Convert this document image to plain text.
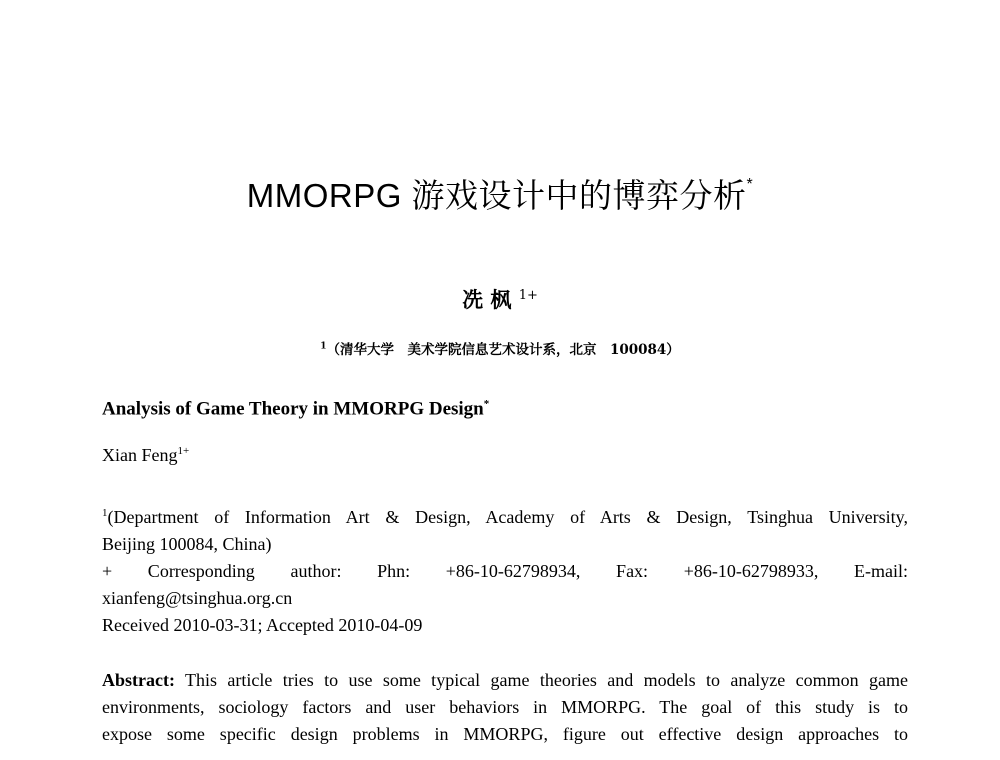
MMORPG 游戏设计中的博弈分析*
冼 枫 $^{1+}$
$^1$（清华大学　美术学院信息艺术设计系，北京　100084）
Analysis of Game Theory in MMORPG Design*
Xian Feng$^{1+}$
$^1$(Department of Information Art & Design, Academy of Arts & Design, Tsinghua University,
Beijing 100084, China)
+ Corresponding author: Phn: +86-10-62798934, Fax: +86-10-62798933, E-mail:
xianfeng@tsinghua.org.cn
Received 2010-03-31; Accepted 2010-04-09
Abstract: This article tries to use some typical game theories and models to analyze common game
environments, sociology factors and user behaviors in MMORPG. The goal of this study is to
expose some specific design problems in MMORPG, figure out effective design approaches to
